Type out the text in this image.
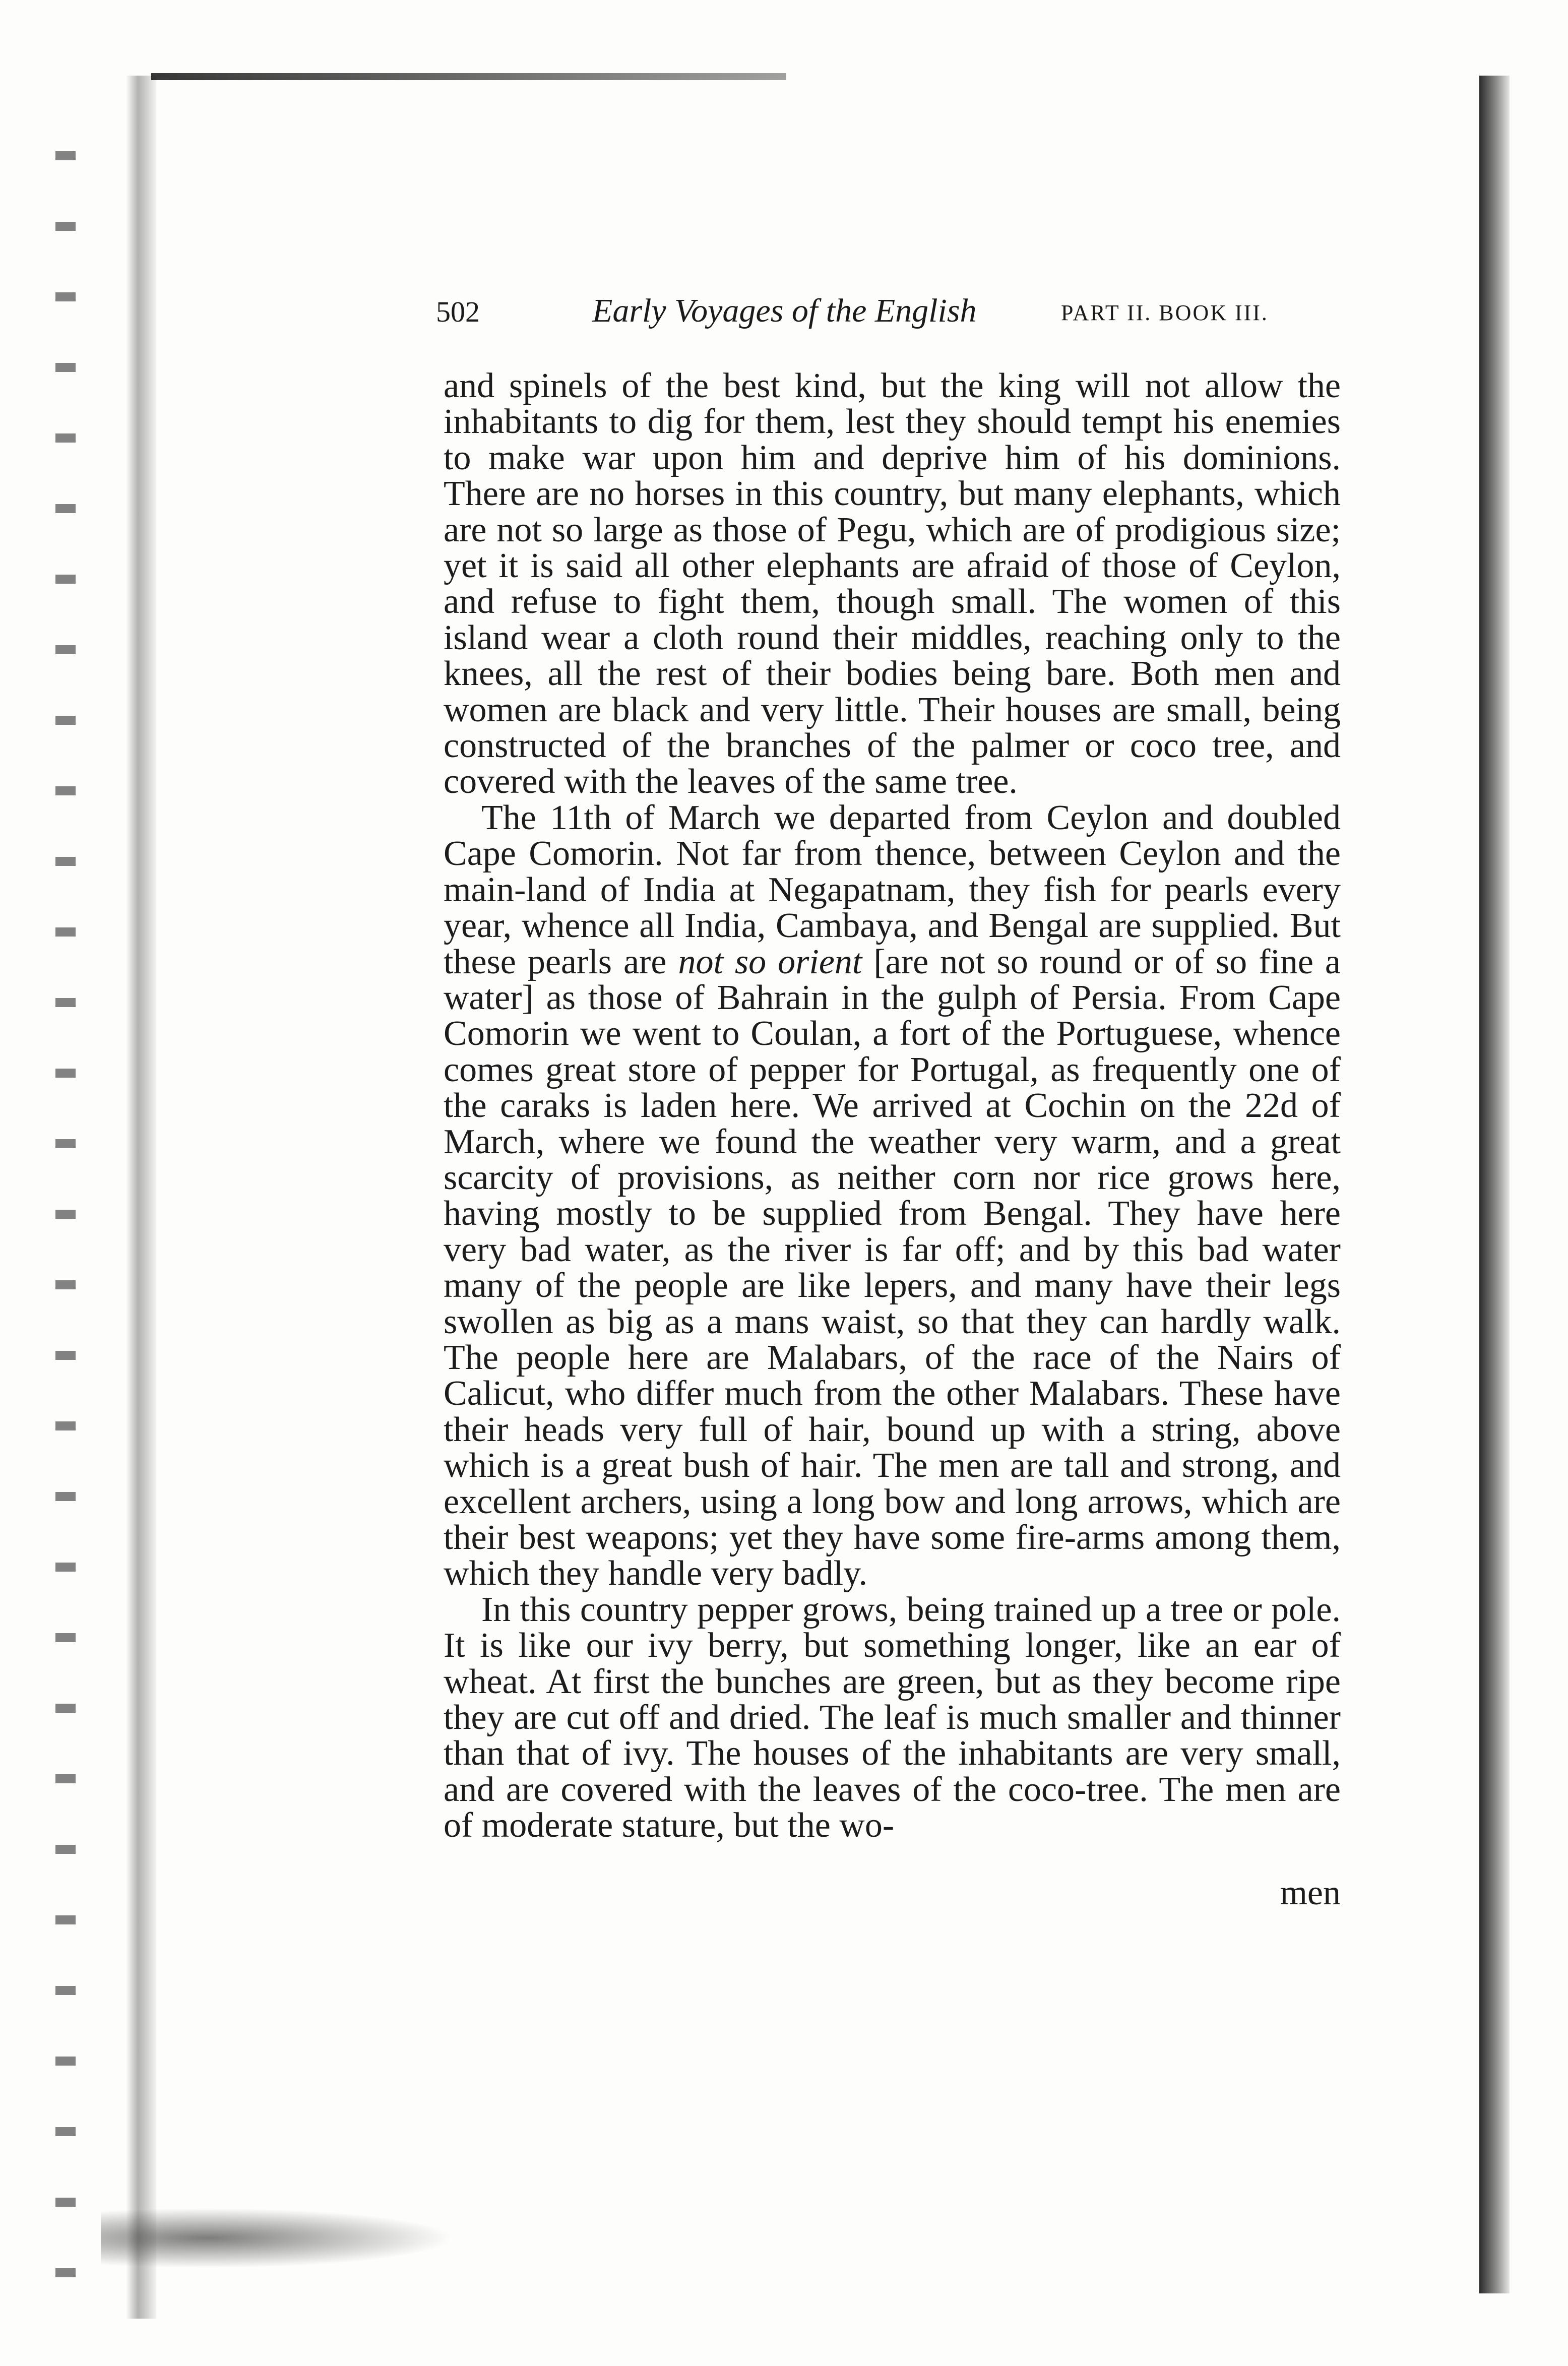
502	Early Voyages of the English	PART II. BOOK III.

and spinels of the best kind, but the king will not allow the inhabitants to dig for them, lest they should tempt his enemies to make war upon him and deprive him of his dominions. There are no horses in this country, but many elephants, which are not so large as those of Pegu, which are of prodigious size; yet it is said all other elephants are afraid of those of Ceylon, and refuse to fight them, though small. The women of this island wear a cloth round their middles, reaching only to the knees, all the rest of their bodies being bare. Both men and women are black and very little. Their houses are small, being constructed of the branches of the palmer or coco tree, and covered with the leaves of the same tree.

The 11th of March we departed from Ceylon and doubled Cape Comorin. Not far from thence, between Ceylon and the main-land of India at Negapatnam, they fish for pearls every year, whence all India, Cambaya, and Bengal are supplied. But these pearls are not so orient [are not so round or of so fine a water] as those of Bahrain in the gulph of Persia. From Cape Comorin we went to Coulan, a fort of the Portuguese, whence comes great store of pepper for Portugal, as frequently one of the caraks is laden here. We arrived at Cochin on the 22d of March, where we found the weather very warm, and a great scarcity of provisions, as neither corn nor rice grows here, having mostly to be supplied from Bengal. They have here very bad water, as the river is far off; and by this bad water many of the people are like lepers, and many have their legs swollen as big as a mans waist, so that they can hardly walk. The people here are Malabars, of the race of the Nairs of Calicut, who differ much from the other Malabars. These have their heads very full of hair, bound up with a string, above which is a great bush of hair. The men are tall and strong, and excellent archers, using a long bow and long arrows, which are their best weapons; yet they have some fire-arms among them, which they handle very badly.

In this country pepper grows, being trained up a tree or pole. It is like our ivy berry, but something longer, like an ear of wheat. At first the bunches are green, but as they become ripe they are cut off and dried. The leaf is much smaller and thinner than that of ivy. The houses of the inhabitants are very small, and are covered with the leaves of the coco-tree. The men are of moderate stature, but the wo-

men
